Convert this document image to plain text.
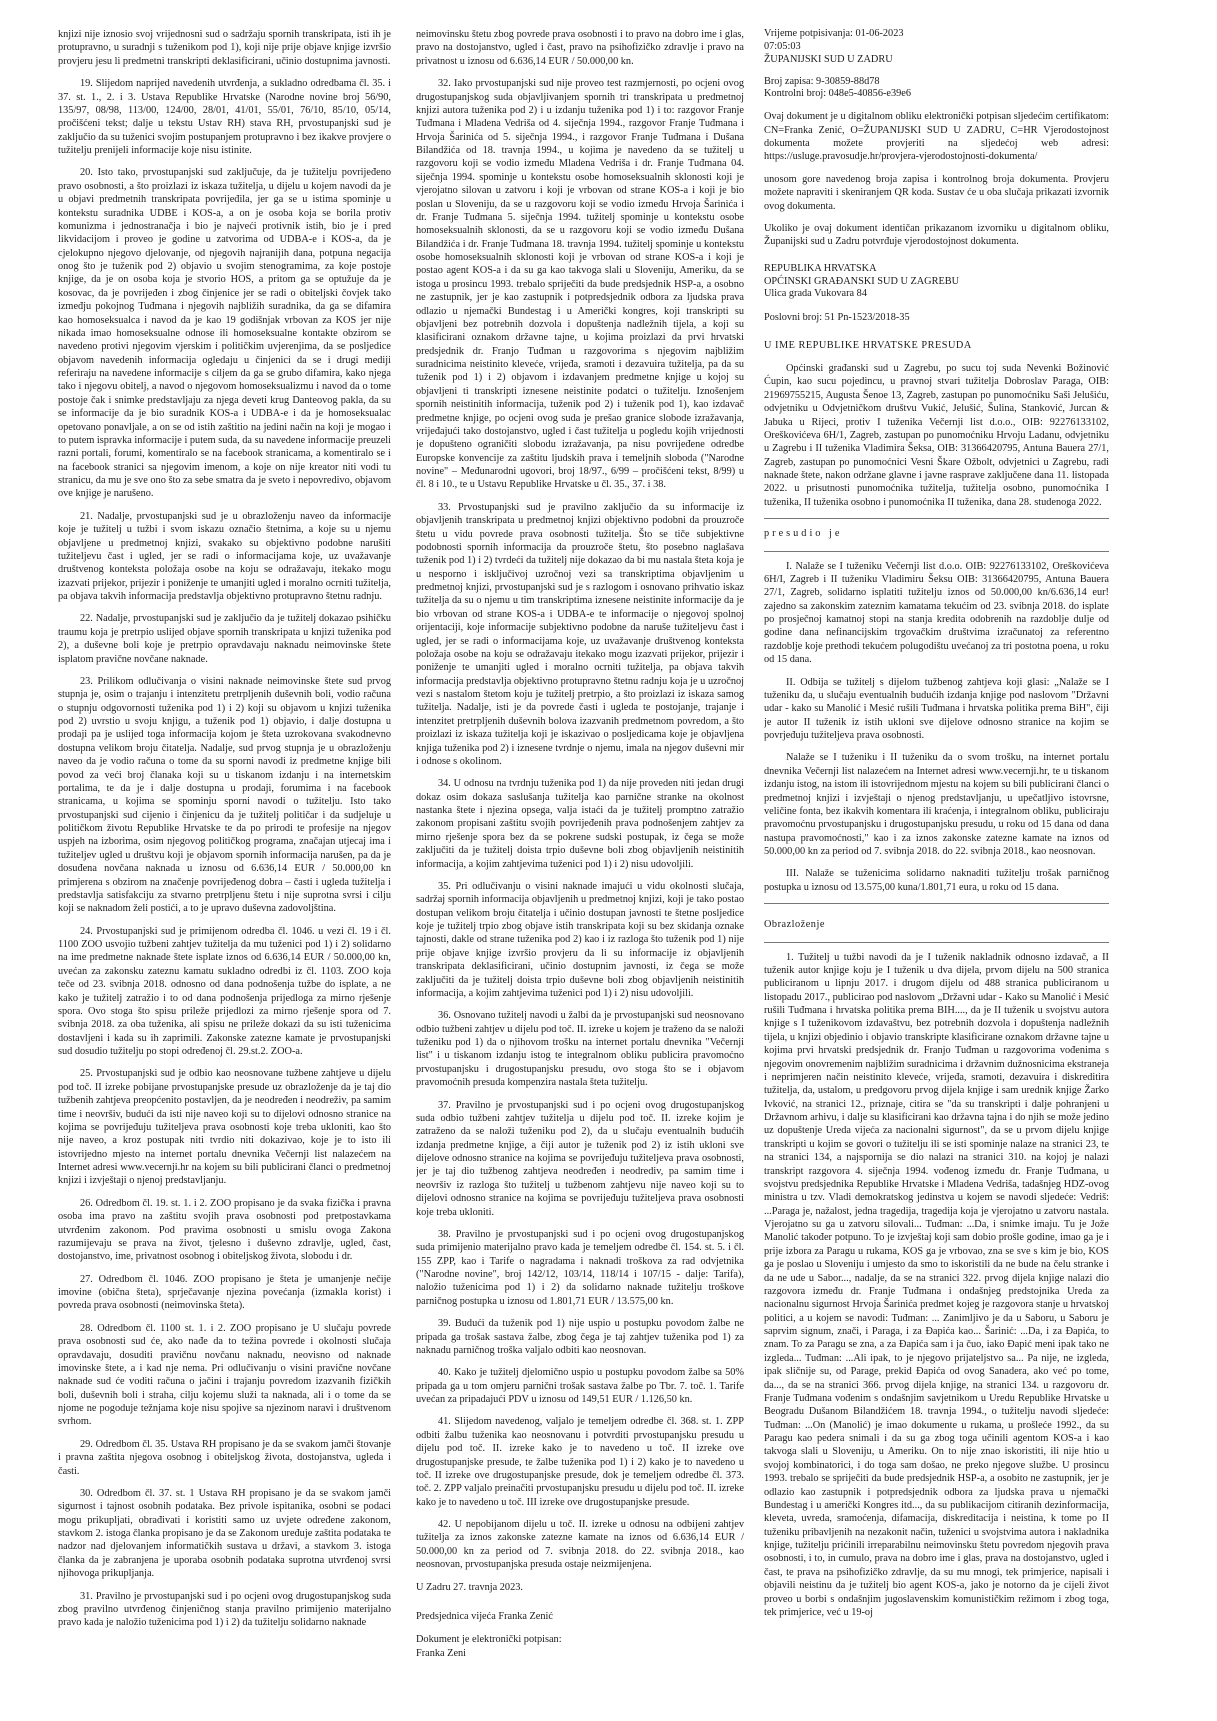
knjizi nije iznosio svoj vrijednosni sud o sadržaju spornih transkripata, isti ih je protupravno, u suradnji s tuženikom pod 1), koji nije prije objave knjige izvršio provjeru jesu li predmetni transkripti deklasificirani, učinio dostupnima javnosti.

19. Slijedom naprijed navedenih utvrđenja, a sukladno odredbama čl. 35. i 37. st. 1., 2. i 3. Ustava Republike Hrvatske (Narodne novine broj 56/90, 135/97, 08/98, 113/00, 124/00, 28/01, 41/01, 55/01, 76/10, 85/10, 05/14, pročišćeni tekst; dalje u tekstu Ustav RH) stava RH, prvostupanjski sud je zaključio da su tuženici svojim postupanjem protupravno i bez ikakve provjere o tužitelju prenijeli informacije koje nisu istinite.

20. Isto tako, prvostupanjski sud zaključuje, da je tužitelju povrijeđeno pravo osobnosti, a što proizlazi iz iskaza tužitelja, u dijelu u kojem navodi da je u objavi predmetnih transkripata povrijeđila, jer ga se u istima spominje u kontekstu suradnika UDBE i KOS-a, a on je osoba koja se borila protiv komunizma i jednostranačja i bio je najveći protivnik istih, bio je i pred likvidacijom i proveo je godine u zatvorima od UDBA-e i KOS-a, da je cjelokupno njegovo djelovanje, od njegovih najranijih dana, potpuna negacija onog što je tuženik pod 2) objavio u svojim stenogramima, za koje postoje knjige, da je on osoba koja je stvorio HOS, a pritom ga se optužuje da je kosovac, da je povrijeđen i zbog činjenice jer se radi o obiteljski čovjek tako izmeđju pokojnog Tuđmana i njegovih najbližih suradnika, da ga se difamira kao homoseksualca i navod da je kao 19 godišnjak vrbovan za KOS jer nije nikada imao homoseksualne odnose ili homoseksualne kontakte obzirom se navedeno protivi njegovim vjerskim i političkim uvjerenjima, da se posljedice objavom navedenih informacija ogledaju u činjenici da se i drugi mediji referiraju na navedene informacije s ciljem da ga se grubo difamira, kako njega tako i njegovu obitelj, a navod o njegovom homoseksualizmu i navod da o tome postoje čak i snimke predstavljaju za njega deveti krug Danteovog pakla, da su se informacije da je bio suradnik KOS-a i UDBA-e i da je homoseksualac opetovano ponavljale, a on se od istih zaštitio na jedini način na koji je mogao i to putem ispravka informacije i putem suda, da su navedene informacije preuzeli razni portali, forumi, komentiralo se na facebook stranicama, a komentiralo se i na facebook stranici sa njegovim imenom, a koje on nije kreator niti vodi tu stranicu, da mu je sve ono što za sebe smatra da je sveto i nepovredivo, objavom ove knjige je narušeno.

21. Nadalje, prvostupanjski sud je u obrazloženju naveo da informacije koje je tužitelj u tužbi i svom iskazu označio štetnima, a koje su u njemu objavljene u predmetnoj knjizi, svakako su objektivno podobne narušiti tužiteljevu čast i ugled, jer se radi o informacijama koje, uz uvažavanje društvenog konteksta položaja osobe na koju se odražavaju, itekako mogu izazvati prijekor, prijezir i poniženje te umanjiti ugled i moralno ocrniti tužitelja, pa objava takvih informacija predstavlja objektivno protupravno štetnu radnju.

22. Nadalje, prvostupanjski sud je zaključio da je tužitelj dokazao psihičku traumu koja je pretrpio uslijed objave spornih transkripata u knjizi tuženika pod 2), a duševne boli koje je pretrpio opravdavaju naknadu neimovinske štete isplatom pravične novčane naknade.

23. Prilikom odlučivanja o visini naknade neimovinske štete sud prvog stupnja je, osim o trajanju i intenzitetu pretrpljenih duševnih boli, vodio računa o stupnju odgovornosti tuženika pod 1) i 2) koji su objavom u knjizi tuženika pod 2) uvrstio u svoju knjigu, a tuženik pod 1) objavio, i dalje dostupna u prodaji pa je uslijed toga informacija kojom je šteta uzrokovana svakodnevno dostupna velikom broju čitatelja. Nadalje, sud prvog stupnja je u obrazloženju naveo da je vodio računa o tome da su sporni navodi iz predmetne knjige bili povod za veći broj članaka koji su u tiskanom izdanju i na internetskim portalima, te da je i dalje dostupna u prodaji, forumima i na facebook stranicama, u kojima se spominju sporni navodi o tužitelju. Isto tako prvostupanjski sud cijenio i činjenicu da je tužitelj političar i da sudjeluje u političkom životu Republike Hrvatske te da po prirodi te profesije na njegov uspjeh na izborima, osim njegovog političkog programa, značajan utjecaj ima i tužiteljev ugled u društvu koji je objavom spornih informacija narušen, pa da je dosuđena novčana naknada u iznosu od 6.636,14 EUR / 50.000,00 kn primjerena s obzirom na značenje povrijeđenog dobra – časti i ugleda tužitelja i predstavlja satisfakciju za stvarno pretrpljenu štetu i nije suprotna svrsi i cilju koji se naknadom želi postići, a to je upravo duševna zadovoljština.

24. Prvostupanjski sud je primijenom odredba čl. 1046. u vezi čl. 19 i čl. 1100 ZOO usvojio tužbeni zahtjev tužitelja da mu tuženici pod 1) i 2) solidarno na ime predmetne naknade štete isplate iznos od 6.636,14 EUR / 50.000,00 kn, uvećan za zakonsku zateznu kamatu sukladno odredbi iz čl. 1103. ZOO koja teče od 23. svibnja 2018. odnosno od dana podnošenja tužbe do isplate, a ne kako je tužitelj zatražio i to od dana podnošenja prijedloga za mirno rješenje spora. Ovo stoga što spisu prileže prijedlozi za mirno rješenje spora od 7. svibnja 2018. za oba tuženika, ali spisu ne prileže dokazi da su isti tuženicima dostavljeni i kada su ih zaprimili. Zakonske zatezne kamate je prvostupanjski sud dosudio tužitelju po stopi određenoj čl. 29.st.2. ZOO-a.

25. Prvostupanjski sud je odbio kao neosnovane tužbene zahtjeve u dijelu pod toč. II izreke pobijane prvostupanjske presude uz obrazloženje da je taj dio tužbenih zahtjeva preopćenito postavljen, da je neodređen i neodreživ, pa samim time i neovršiv, budući da isti nije naveo koji su to dijelovi odnosno stranice na kojima se povrijeđuju tužiteljeva prava osobnosti koje treba ukloniti, kao što nije naveo, a kroz postupak niti tvrdio niti dokazivao, koje je to isto ili istovrijedno mjesto na internet portalu dnevnika Večernji list nalazećem na Internet adresi www.vecernji.hr na kojem su bili publicirani članci o predmetnoj knjizi i izvještaji o njenoj predstavljanju.

26. Odredbom čl. 19. st. 1. i 2. ZOO propisano je da svaka fizička i pravna osoba ima pravo na zaštitu svojih prava osobnosti pod pretpostavkama utvrđenim zakonom. Pod pravima osobnosti u smislu ovoga Zakona razumijevaju se prava na život, tjelesno i duševno zdravlje, ugled, čast, dostojanstvo, ime, privatnost osobnog i obiteljskog života, slobodu i dr.

27. Odredbom čl. 1046. ZOO propisano je šteta je umanjenje nečije imovine (obična šteta), sprječavanje njezina povećanja (izmakla korist) i povreda prava osobnosti (neimovinska šteta).

28. Odredbom čl. 1100 st. 1. i 2. ZOO propisano je U slučaju povrede prava osobnosti sud će, ako nađe da to težina povrede i okolnosti slučaja opravdavaju, dosuditi pravičnu novčanu naknadu, neovisno od naknade imovinske štete, a i kad nje nema. Pri odlučivanju o visini pravične novčane naknade sud će voditi računa o jačini i trajanju povredom izazvanih fizičkih boli, duševnih boli i straha, cilju kojemu služi ta naknada, ali i o tome da se njome ne pogoduje težnjama koje nisu spojive sa njezinom naravi i društvenom svrhom.

29. Odredbom čl. 35. Ustava RH propisano je da se svakom jamči štovanje i pravna zaštita njegova osobnog i obiteljskog života, dostojanstva, ugleda i časti.

30. Odredbom čl. 37. st. 1 Ustava RH propisano je da se svakom jamči sigurnost i tajnost osobnih podataka. Bez privole ispitanika, osobni se podaci mogu prikupljati, obrađivati i koristiti samo uz uvjete određene zakonom, stavkom 2. istoga članka propisano je da se Zakonom uređuje zaštita podataka te nadzor nad djelovanjem informatičkih sustava u državi, a stavkom 3. istoga članka da je zabranjena je uporaba osobnih podataka suprotna utvrđenoj svrsi njihovoga prikupljanja.

31. Pravilno je prvostupanjski sud i po ocjeni ovog drugostupanjskog suda zbog pravilno utvrđenog činjeničnog stanja pravilno primijenio materijalno pravo kada je naložio tuženicima pod 1) i 2) da tužitelju solidarno naknade

neimovinsku štetu zbog povrede prava osobnosti i to pravo na dobro ime i glas, pravo na dostojanstvo, ugled i čast, pravo na psihofizičko zdravlje i pravo na privatnost u iznosu od 6.636,14 EUR / 50.000,00 kn.

32. Iako prvostupanjski sud nije proveo test razmjernosti, po ocjeni ovog drugostupanjskog suda objavljivanjem spornih tri transkripata u predmetnoj knjizi autora tuženika pod 2) i u izdanju tuženika pod 1) i to: razgovor Franje Tuđmana i Mladena Vedriša od 4. siječnja 1994., razgovor Franje Tuđmana i Hrvoja Šarinića od 5. siječnja 1994., i razgovor Franje Tuđmana i Dušana Bilandžića od 18. travnja 1994., u kojima je navedeno da se tužitelj u razgovoru koji se vodio između Mladena Vedriša i dr. Franje Tuđmana 04. siječnja 1994. spominje u kontekstu osobe homoseksualnih sklonosti koji je vjerojatno silovan u zatvoru i koji je vrbovan od strane KOS-a i koji je bio poslan u Sloveniju, da se u razgovoru koji se vodio između Hrvoja Šarinića i dr. Franje Tuđmana 5. siječnja 1994. tužitelj spominje u kontekstu osobe homoseksualnih sklonosti, da se u razgovoru koji se vodio između Dušana Bilandžića i dr. Franje Tuđmana 18. travnja 1994. tužitelj spominje u kontekstu osobe homoseksualnih sklonosti koji je vrbovan od strane KOS-a i koji je postao agent KOS-a i da su ga kao takvoga slali u Sloveniju, Ameriku, da se istoga u prosincu 1993. trebalo spriječiti da bude predsjednik HSP-a, a osobno ne zastupnik, jer je kao zastupnik i potpredsjednik odbora za ljudska prava odlazio u njemački Bundestag i u Američki kongres, koji transkripti su objavljeni bez potrebnih dozvola i dopuštenja nadležnih tijela, a koji su klasificirani oznakom državne tajne, u kojima proizlazi da prvi hrvatski predsjednik dr. Franjo Tuđman u razgovorima s njegovim najbližim suradnicima neistinito kleveće, vrijeđa, sramoti i dezavuira tužitelja, pa da su tuženik pod 1) i 2) objavom i izdavanjem predmetne knjige u kojoj su objavljeni ti transkripti iznesene neistinite podatci o tužitelju. Iznošenjem spornih neistinitih informacija, tuženik pod 2) i tuženik pod 1), kao izdavač predmetne knjige, po ocjeni ovog suda je prešao granice slobode izražavanja, vrijeđajući tako dostojanstvo, ugled i čast tužitelja u pogledu kojih vrijednosti je dopušteno ograničiti slobodu izražavanja, pa nisu povrijeđene odredbe Europske konvencije za zaštitu ljudskih prava i temeljnih sloboda ("Narodne novine" – Međunarodni ugovori, broj 18/97., 6/99 – pročišćeni tekst, 8/99) u čl. 8 i 10., te u Ustavu Republike Hrvatske u čl. 35., 37. i 38.

33. Prvostupanjski sud je pravilno zaključio da su informacije iz objavljenih transkripata u predmetnoj knjizi objektivno podobni da prouzroče štetu u vidu povrede prava osobnosti tužitelja. Što se tiče subjektivne podobnosti spornih informacija da prouzroče štetu, što posebno naglašava tuženik pod 1) i 2) tvrdeći da tužitelj nije dokazao da bi mu nastala šteta koja je u nesporno i isključivoj uzročnoj vezi sa transkriptima objavljenim u predmetnoj knjizi, prvostupanjski sud je s razlogom i osnovano prihvatio iskaz tužitelja da su o njemu u tim transkriptima iznesene neistinite informacije da je bio vrbovan od strane KOS-a i UDBA-e te informacije o njegovoj spolnoj orijentaciji, koje informacije subjektivno podobne da naruše tužiteljevu čast i ugled, jer se radi o informacijama koje, uz uvažavanje društvenog konteksta položaja osobe na koju se odražavaju itekako mogu izazvati prijekor, prijezir i poniženje te umanjiti ugled i moralno ocrniti tužitelja, pa objava takvih informacija predstavlja objektivno protupravno štetnu radnju koja je u uzročnoj vezi s nastalom štetom koju je tužitelj pretrpio, a što proizlazi iz iskaza samog tužitelja. Nadalje, isti je da povrede časti i ugleda te postojanje, trajanje i intenzitet pretrpljenih duševnih bolova izazvanih predmetnom povredom, a što proizlazi iz iskaza tužitelja koji je iskazivao o posljedicama koje je objavljena knjiga tuženika pod 2) i iznesene tvrdnje o njemu, imala na njegov duševni mir i odnose s okolinom.

34. U odnosu na tvrdnju tuženika pod 1) da nije proveden niti jedan drugi dokaz osim dokaza saslušanja tužitelja kao parnične stranke na okolnost nastanka štete i njezina opsega, valja istaći da je tužitelj promptno zatražio zakonom propisani zaštitu svojih povrijeđenih prava podnošenjem zahtjev za mirno rješenje spora bez da se pokrene sudski postupak, iz čega se može zaključiti da je tužitelj doista trpio duševne boli zbog objavljenih neistinitih informacija, a kojim zahtjevima tuženici pod 1) i 2) nisu udovoljili.

35. Pri odlučivanju o visini naknade imajući u vidu okolnosti slučaja, sadržaj spornih informacija objavljenih u predmetnoj knjizi, koji je tako postao dostupan velikom broju čitatelja i učinio dostupan javnosti te štetne posljedice koje je tužitelj trpio zbog objave istih transkripata koji su bez skidanja oznake tajnosti, dakle od strane tuženika pod 2) kao i iz razloga što tuženik pod 1) nije prije objave knjige izvršio provjeru da li su informacije iz objavljenih transkripata deklasificirani, učinio dostupnim javnosti, iz čega se može zaključiti da je tužitelj doista trpio duševne boli zbog objavljenih neistinitih informacija, a kojim zahtjevima tuženici pod 1) i 2) nisu udovoljili.

36. Osnovano tužitelj navodi u žalbi da je prvostupanjski sud neosnovano odbio tužbeni zahtjev u dijelu pod toč. II. izreke u kojem je traženo da se naloži tuženiku pod 1) da o njihovom trošku na internet portalu dnevnika "Večernji list" i u tiskanom izdanju istog te integralnom obliku publicira pravomoćno prvostupanjsku i drugostupanjsku presudu, ovo stoga što se i objavom pravomoćnih presuda kompenzira nastala šteta tužitelju.

37. Pravilno je prvostupanjski sud i po ocjeni ovog drugostupanjskog suda odbio tužbeni zahtjev tužitelja u dijelu pod toč. II. izreke kojim je zatraženo da se naloži tuženiku pod 2), da u slučaju eventualnih budućih izdanja predmetne knjige, a čiji autor je tuženik pod 2) iz istih ukloni sve dijelove odnosno stranice na kojima se povrijeđuju tužiteljeva prava osobnosti, jer je taj dio tužbenog zahtjeva neodređen i neodrediv, pa samim time i neovršiv iz razloga što tužitelj u tužbenom zahtjevu nije naveo koji su to dijelovi odnosno stranice na kojima se povrijeđuju tužiteljeva prava osobnosti koje treba ukloniti.

38. Pravilno je prvostupanjski sud i po ocjeni ovog drugostupanjskog suda primijenio materijalno pravo kada je temeljem odredbe čl. 154. st. 5. i čl. 155 ZPP, kao i Tarife o nagradama i naknadi troškova za rad odvjetnika ("Narodne novine", broj 142/12, 103/14, 118/14 i 107/15 - dalje: Tarifa), naložio tuženicima pod 1) i 2) da solidarno naknade tužitelju troškove parničnog postupka u iznosu od 1.801,71 EUR / 13.575,00 kn.

39. Budući da tuženik pod 1) nije uspio u postupku povodom žalbe ne pripada ga trošak sastava žalbe, zbog čega je taj zahtjev tuženika pod 1) za naknadu parničnog troška valjalo odbiti kao neosnovan.

40. Kako je tužitelj djelomično uspio u postupku povodom žalbe sa 50% pripada ga u tom omjeru parnični trošak sastava žalbe po Tbr. 7. toč. 1. Tarife uvećan za pripadajući PDV u iznosu od 149,51 EUR / 1.126,50 kn.

41. Slijedom navedenog, valjalo je temeljem odredbe čl. 368. st. 1. ZPP odbiti žalbu tuženika kao neosnovanu i potvrditi prvostupanjsku presudu u dijelu pod toč. II. izreke kako je to navedeno u toč. II izreke ove drugostupanjske presude, te žalbe tuženika pod 1) i 2) kako je to navedeno u toč. II izreke ove drugostupanjske presude, dok je temeljem odredbe čl. 373. toč. 2. ZPP valjalo preinačiti prvostupanjsku presudu u dijelu pod toč. II. izreke kako je to navedeno u toč. III izreke ove drugostupanjske presude.

42. U nepobijanom dijelu u toč. II. izreke u odnosu na odbijeni zahtjev tužitelja za iznos zakonske zatezne kamate na iznos od 6.636,14 EUR / 50.000,00 kn za period od 7. svibnja 2018. do 22. svibnja 2018., kao neosnovan, prvostupanjska presuda ostaje neizmijenjena.

U Zadru 27. travnja 2023.
Predsjednica vijeća Franka Zenić
Dokument je elektronički potpisan:
Franka Zeni
Vrijeme potpisivanja: 01-06-2023
07:05:03
ŽUPANIJSKI SUD U ZADRU
Broj zapisa: 9-30859-88d78
Kontrolni broj: 048e5-40856-e39e6

Ovaj dokument je u digitalnom obliku elektronički potpisan sljedećim certifikatom: CN=Franka Zenić, O=ŽUPANIJSKI SUD U ZADRU, C=HR Vjerodostojnost dokumenta možete provjeriti na sljedećoj web adresi: https://usluge.pravosudje.hr/provjera-vjerodostojnosti-dokumenta/

unosom gore navedenog broja zapisa i kontrolnog broja dokumenta. Provjeru možete napraviti i skeniranjem QR koda. Sustav će u oba slučaja prikazati izvornik ovog dokumenta.

Ukoliko je ovaj dokument identičan prikazanom izvorniku u digitalnom obliku, Županijski sud u Zadru potvrđuje vjerodostojnost dokumenta.

REPUBLIKA HRVATSKA
OPĆINSKI GRAĐANSKI SUD U ZAGREBU
Ulica grada Vukovara 84
Poslovni broj: 51 Pn-1523/2018-35
U IME REPUBLIKE HRVATSKE PRESUDA

Općinski građanski sud u Zagrebu, po sucu toj suda Nevenki Božinović Ćupin, kao sucu pojedincu, u pravnoj stvari tužitelja Dobroslav Paraga, OIB: 21969755215, Augusta Šenoe 13, Zagreb, zastupan po punomoćniku Saši Jelušiću, odvjetniku u Odvjetničkom društvu Vukić, Jelušić, Šulina, Stanković, Jurcan & Jabuka u Rijeci, protiv I tuženika Večernji list d.o.o., OIB: 92276133102, Oreškovićeva 6H/1, Zagreb, zastupan po punomoćniku Hrvoju Ladanu, odvjetniku u Zagrebu i II tuženika Vladimira Šeksa, OIB: 31366420795, Antuna Bauera 27/1, Zagreb, zastupan po punomoćnici Vesni Škare Ožbolt, odvjetnici u Zagrebu, radi naknade štete, nakon održane glavne i javne rasprave zaključene dana 11. listopada 2022. u prisutnosti punomoćnika tužitelja, tužitelja osobno, punomoćnika I tuženika, II tuženika osobno i punomoćnika II tuženika, dana 28. studenoga 2022.

presudio je

I. Nalaže se I tuženiku Večernji list d.o.o. OIB: 92276133102, Oreškovićeva 6H/I, Zagreb i II tuženiku Vladimiru Šeksu OIB: 31366420795, Antuna Bauera 27/1, Zagreb, solidarno isplatiti tužitelju iznos od 50.000,00 kn/6.636,14 eur! zajedno sa zakonskim zateznim kamatama tekućim od 23. svibnja 2018. do isplate po prosječnoj kamatnoj stopi na stanja kredita odobrenih na razdoblje dulje od godine dana nefinancijskim trgovačkim društvima izračunatoj za referentno razdoblje koje prethodi tekućem polugodištu uvećanoj za tri postotna poena, u roku od 15 dana.

II. Odbija se tužitelj s dijelom tužbenog zahtjeva koji glasi: „Nalaže se I tuženiku da, u slučaju eventualnih budućih izdanja knjige pod naslovom "Državni udar - kako su Manolić i Mesić rušili Tuđmana i hrvatska politika prema BiH", čiji je autor II tuženik iz istih ukloni sve dijelove odnosno stranice na kojim se povrjeđuju tužiteljeva prava osobnosti.

Nalaže se I tuženiku i II tuženiku da o svom trošku, na internet portalu dnevnika Večernji list nalazećem na Internet adresi www.vecernji.hr, te u tiskanom izdanju istog, na istom ili istovrijednom mjestu na kojem su bili publicirani članci o predmetnoj knjizi i izvještaji o njenog predstavljanju, u upečatljivo istovrsne, veličine fonta, bez ikakvih komentara ili kraćenja, i integralnom obliku, publiciraju pravomoćnu prvostupanjsku i drugostupanjsku presudu, u roku od 15 dana od dana nastupa pravomoćnosti," kao i za iznos zakonske zatezne kamate na iznos od 50.000,00 kn za period od 7. svibnja 2018. do 22. svibnja 2018., kao neosnovan.

III. Nalaže se tuženicima solidarno naknaditi tužitelju trošak parničnog postupka u iznosu od 13.575,00 kuna/1.801,71 eura, u roku od 15 dana.

Obrazloženje

1. Tužitelj u tužbi navodi da je I tuženik nakladnik odnosno izdavač, a II tuženik autor knjige koju je I tuženik u dva dijela, prvom dijelu na 500 stranica publiciranom u lipnju 2017. i drugom dijelu od 488 stranica publiciranom u listopadu 2017., publicirao pod naslovom „Državni udar - Kako su Manolić i Mesić rušili Tuđmana i hrvatska politika prema BIH...., da je II tuženik u svojstvu autora knjige s I tuženikovom izdavaštvu, bez potrebnih dozvola i dopuštenja nadležnih tijela, u knjizi objedinio i objavio transkripte klasificirane oznakom državne tajne u kojima prvi hrvatski predsjednik dr. Franjo Tuđman u razgovorima vođenima s njegovim onovremenim najbližim suradnicima i državnim dužnosnicima ekstraneja i neprimjeren način neistinito kleveće, vrijeđa, sramoti, dezavuira i diskreditira tužitelja, da, ustalom, u predgovoru prvog dijela knjige i sam urednik knjige Žarko Ivković, na stranici 12., priznaje, citira se "da su transkripti i dalje pohranjeni u Državnom arhivu, i dalje su klasificirani kao državna tajna i do njih se može jedino uz dopuštenje Ureda vijeća za nacionalni sigurnost", da se u prvom dijelu knjige transkripti u kojim se govori o tužitelju ili se isti spominje nalaze na stranici 23, te na stranici 134, a najspornija se dio nalazi na stranici 310. na kojoj je nalazi transkript razgovora 4. siječnja 1994. vođenog između dr. Franje Tuđmana, u svojstvu predsjednika Republike Hrvatske i Mladena Vedriša, tadašnjeg HDZ-ovog ministra u tzv. Vladi demokratskog jedinstva u kojem se navodi sljedeće: Vedriš: ...Paraga je, nažalost, jedna tragedija, tragedija koja je vjerojatno u zatvoru nastala. Vjerojatno su ga u zatvoru silovali... Tuđman: ...Da, i snimke imaju. Tu je Jože Manolić također potpuno. To je izvještaj koji sam dobio prošle godine, imao ga je i prije izbora za Paragu u rukama, KOS ga je vrbovao, zna se sve s kim je bio, KOS ga je poslao u Sloveniju i umjesto da smo to iskoristili da ne bude na čelu stranke i da ne ude u Sabor..., nadalje, da se na stranici 322. prvog dijela knjige nalazi dio razgovora između dr. Franje Tuđmana i ondašnjeg predstojnika Ureda za nacionalnu sigurnost Hrvoja Šarinića predmet kojeg je razgovora stanje u hrvatskoj politici, a u kojem se navodi: Tuđman: ... Zanimljivo je da u Saboru, u Saboru je saprvim signum, znači, i Paraga, i za Đapića kao... Šarinić: ...Da, i za Đapića, to znam. To za Paragu se zna, a za Đapića sam i ja čuo, iako Đapić meni ipak tako ne izgleda... Tuđman: ...Ali ipak, to je njegovo prijateljstvo sa... Pa nije, ne izgleda, ipak sličnije su, od Parage, prekid Đapića od ovog Sanadera, ako već po tome, da..., da se na stranici 366. prvog dijela knjige, na stranici 134. u razgovoru dr. Franje Tuđmana vođenim s ondašnjim savjetnikom u Uredu Republike Hrvatske u Beogradu Dušanom Bilandžićem 18. travnja 1994., o tužitelju navodi sljedeće: Tuđman: ...On (Manolić) je imao dokumente u rukama, u prošleće 1992., da su Paragu kao pedera snimali i da su ga zbog toga učinili agentom KOS-a i kao takvoga slali u Sloveniju, u Ameriku. On to nije znao iskoristiti, ili nije htio u svojoj kombinatorici, i do toga sam došao, ne preko njegove službe. U prosincu 1993. trebalo se spriječiti da bude predsjednik HSP-a, a osobito ne zastupnik, jer je odlazio kao zastupnik i potpredsjednik odbora za ljudska prava u njemački Bundestag i u američki Kongres itd..., da su publikacijom citiranih dezinformacija, kleveta, uvreda, sramoćenja, difamacija, diskreditacija i neistina, k tome po II tuženiku pribavljenih na nezakonit način, tuženici u svojstvima autora i nakladnika knjige, tužitelju prićinili irreparabilnu neimovinsku štetu povredom njegovih prava osobnosti, i to, in cumulo, prava na dobro ime i glas, prava na dostojanstvo, ugled i čast, te prava na psihofizičko zdravlje, da su mu mnogi, tek primjerice, napisali i objavili neistinu da je tužitelj bio agent KOS-a, jako je notorno da je cijeli život proveo u borbi s ondašnjim jugoslavenskim komunističkim režimom i zbog toga, tek primjerice, već u 19-oj
